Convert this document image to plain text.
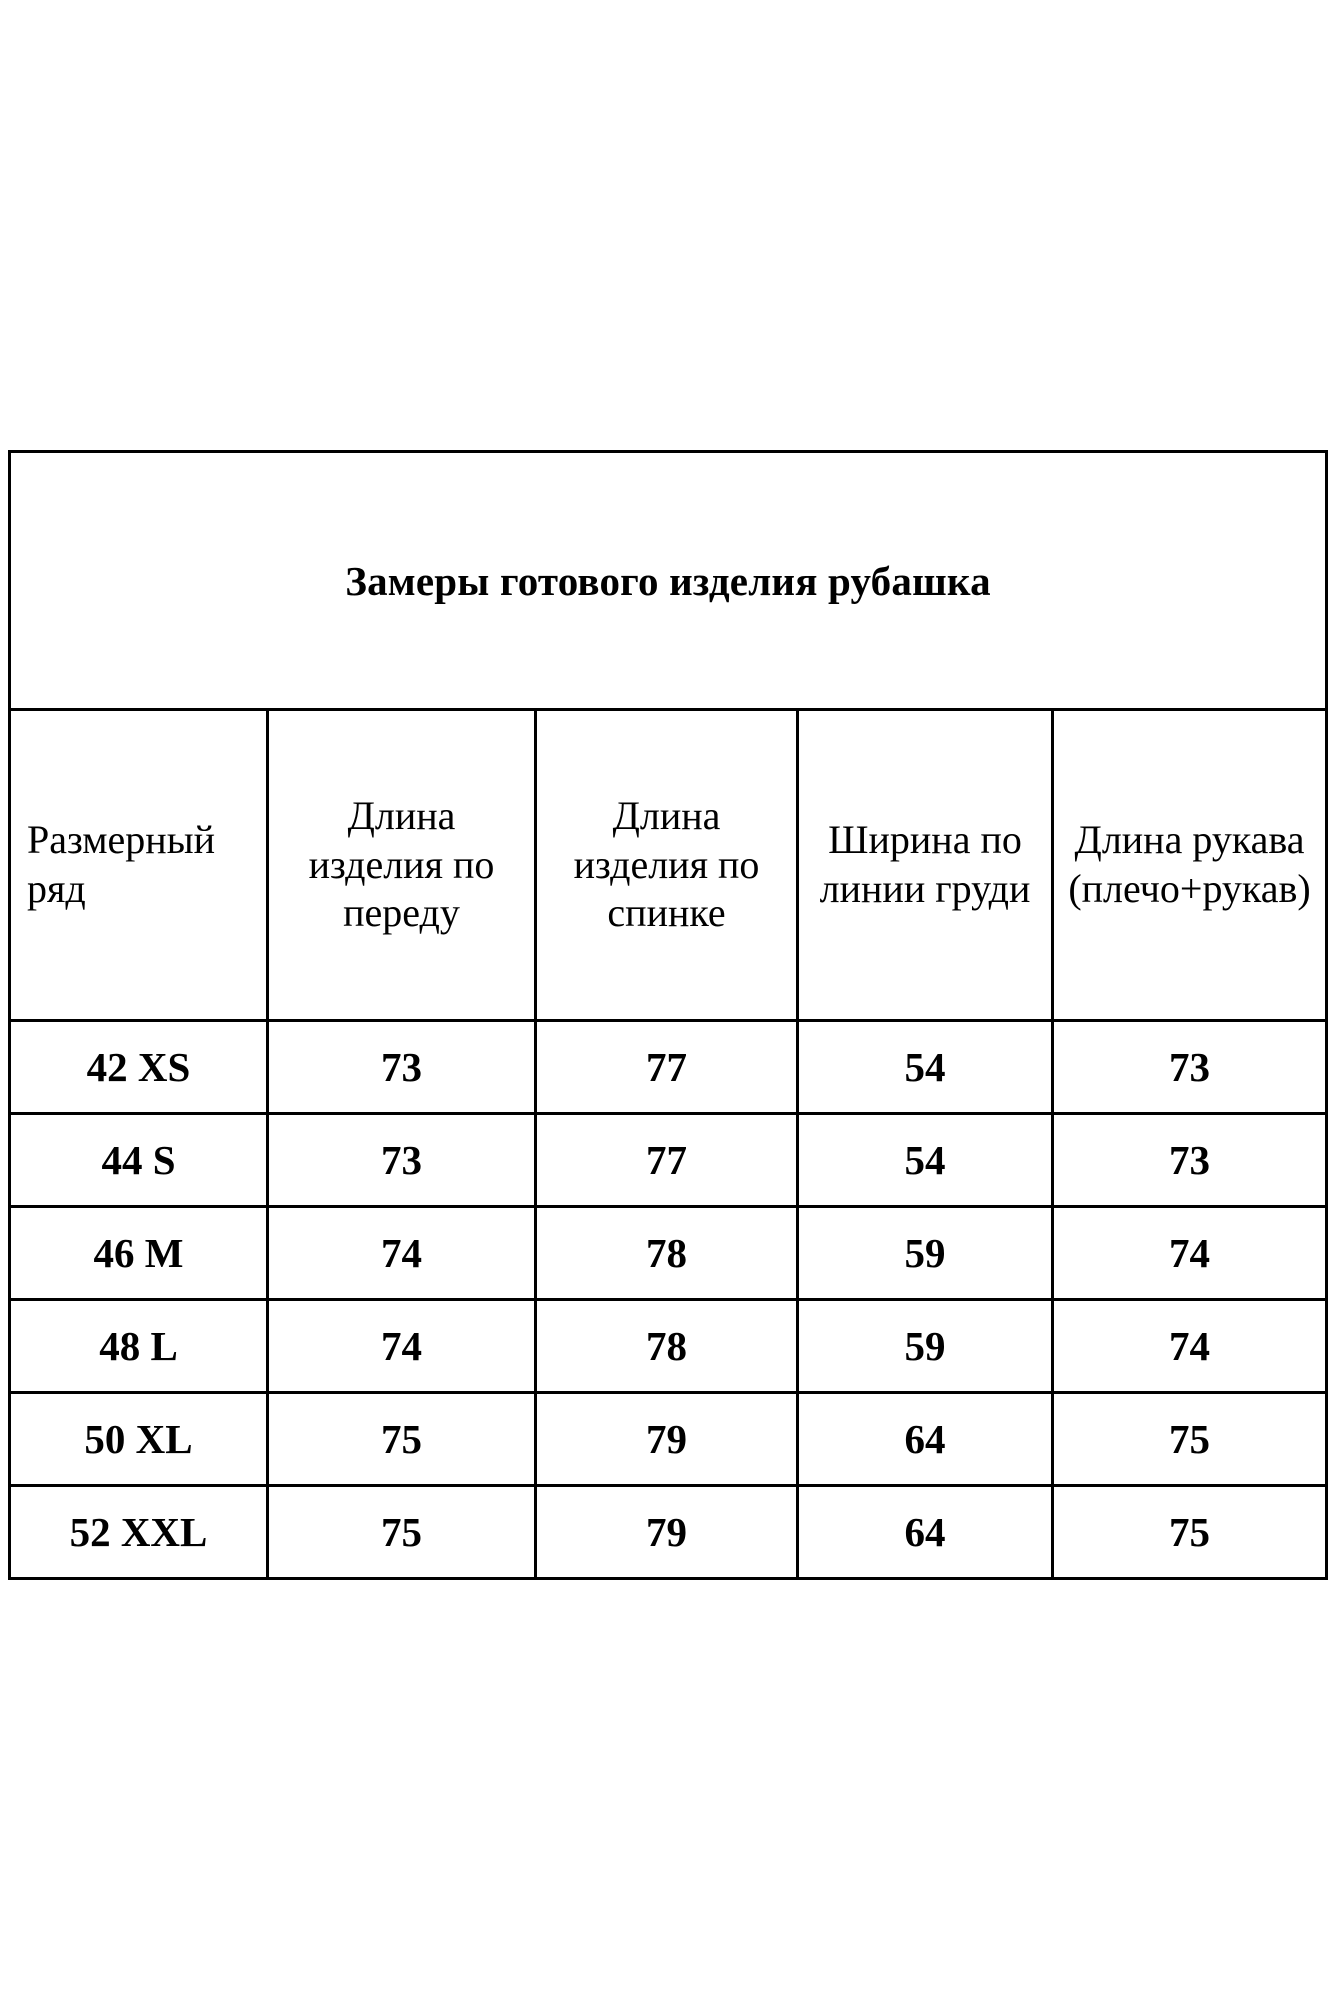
Замеры готового изделия рубашка				
Размерный ряд	Длина изделия по переду	Длина изделия по спинке	Ширина по линии груди	Длина рукава (плечо+рукав)
42 XS	73	77	54	73
44 S	73	77	54	73
46 M	74	78	59	74
48 L	74	78	59	74
50 XL	75	79	64	75
52 XXL	75	79	64	75
